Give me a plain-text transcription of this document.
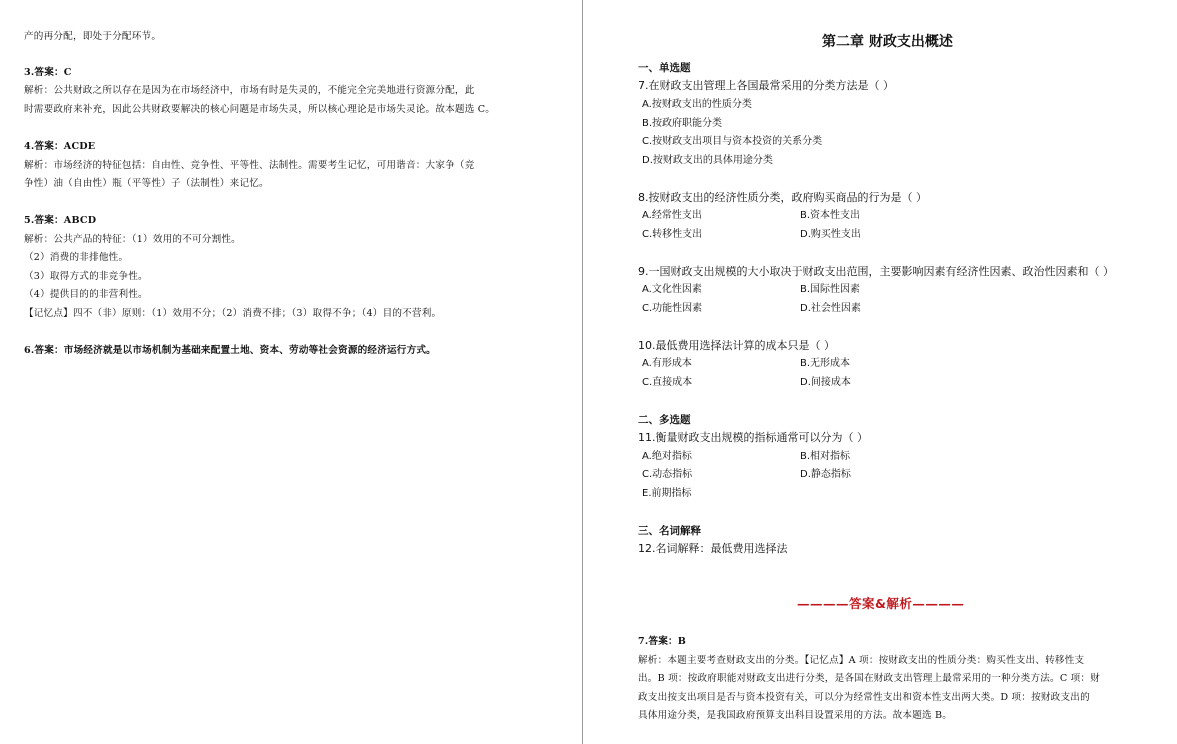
产的再分配，即处于分配环节。
3.答案：C
解析：公共财政之所以存在是因为在市场经济中，市场有时是失灵的，不能完全完美地进行资源分配，此
时需要政府来补充，因此公共财政要解决的核心问题是市场失灵，所以核心理论是市场失灵论。故本题选 C。
4.答案：ACDE
解析：市场经济的特征包括：自由性、竞争性、平等性、法制性。需要考生记忆，可用谐音：大家争（竞
争性）油（自由性）瓶（平等性）子（法制性）来记忆。
5.答案：ABCD
解析：公共产品的特征：（1）效用的不可分割性。
（2）消费的非排他性。
（3）取得方式的非竞争性。
（4）提供目的的非营利性。
【记忆点】四不（非）原则：（1）效用不分；（2）消费不排；（3）取得不争；（4）目的不营利。
6.答案：市场经济就是以市场机制为基础来配置土地、资本、劳动等社会资源的经济运行方式。
第二章 财政支出概述
一、单选题
7.在财政支出管理上各国最常采用的分类方法是（ ）
A.按财政支出的性质分类
B.按政府职能分类
C.按财政支出项目与资本投资的关系分类
D.按财政支出的具体用途分类
8.按财政支出的经济性质分类，政府购买商品的行为是（ ）
A.经常性支出	B.资本性支出
C.转移性支出	D.购买性支出
9.一国财政支出规模的大小取决于财政支出范围，主要影响因素有经济性因素、政治性因素和（ ）
A.文化性因素	B.国际性因素
C.功能性因素	D.社会性因素
10.最低费用选择法计算的成本只是（ ）
A.有形成本	B.无形成本
C.直接成本	D.间接成本
二、多选题
11.衡量财政支出规模的指标通常可以分为（ ）
A.绝对指标	B.相对指标
C.动态指标	D.静态指标
E.前期指标
三、名词解释
12.名词解释：最低费用选择法
————答案&解析————
7.答案：B
解析：本题主要考查财政支出的分类。【记忆点】A 项：按财政支出的性质分类：购买性支出、转移性支
出。B 项：按政府职能对财政支出进行分类，是各国在财政支出管理上最常采用的一种分类方法。C 项：财
政支出按支出项目是否与资本投资有关，可以分为经常性支出和资本性支出两大类。D 项：按财政支出的
具体用途分类，是我国政府预算支出科目设置采用的方法。故本题选 B。
